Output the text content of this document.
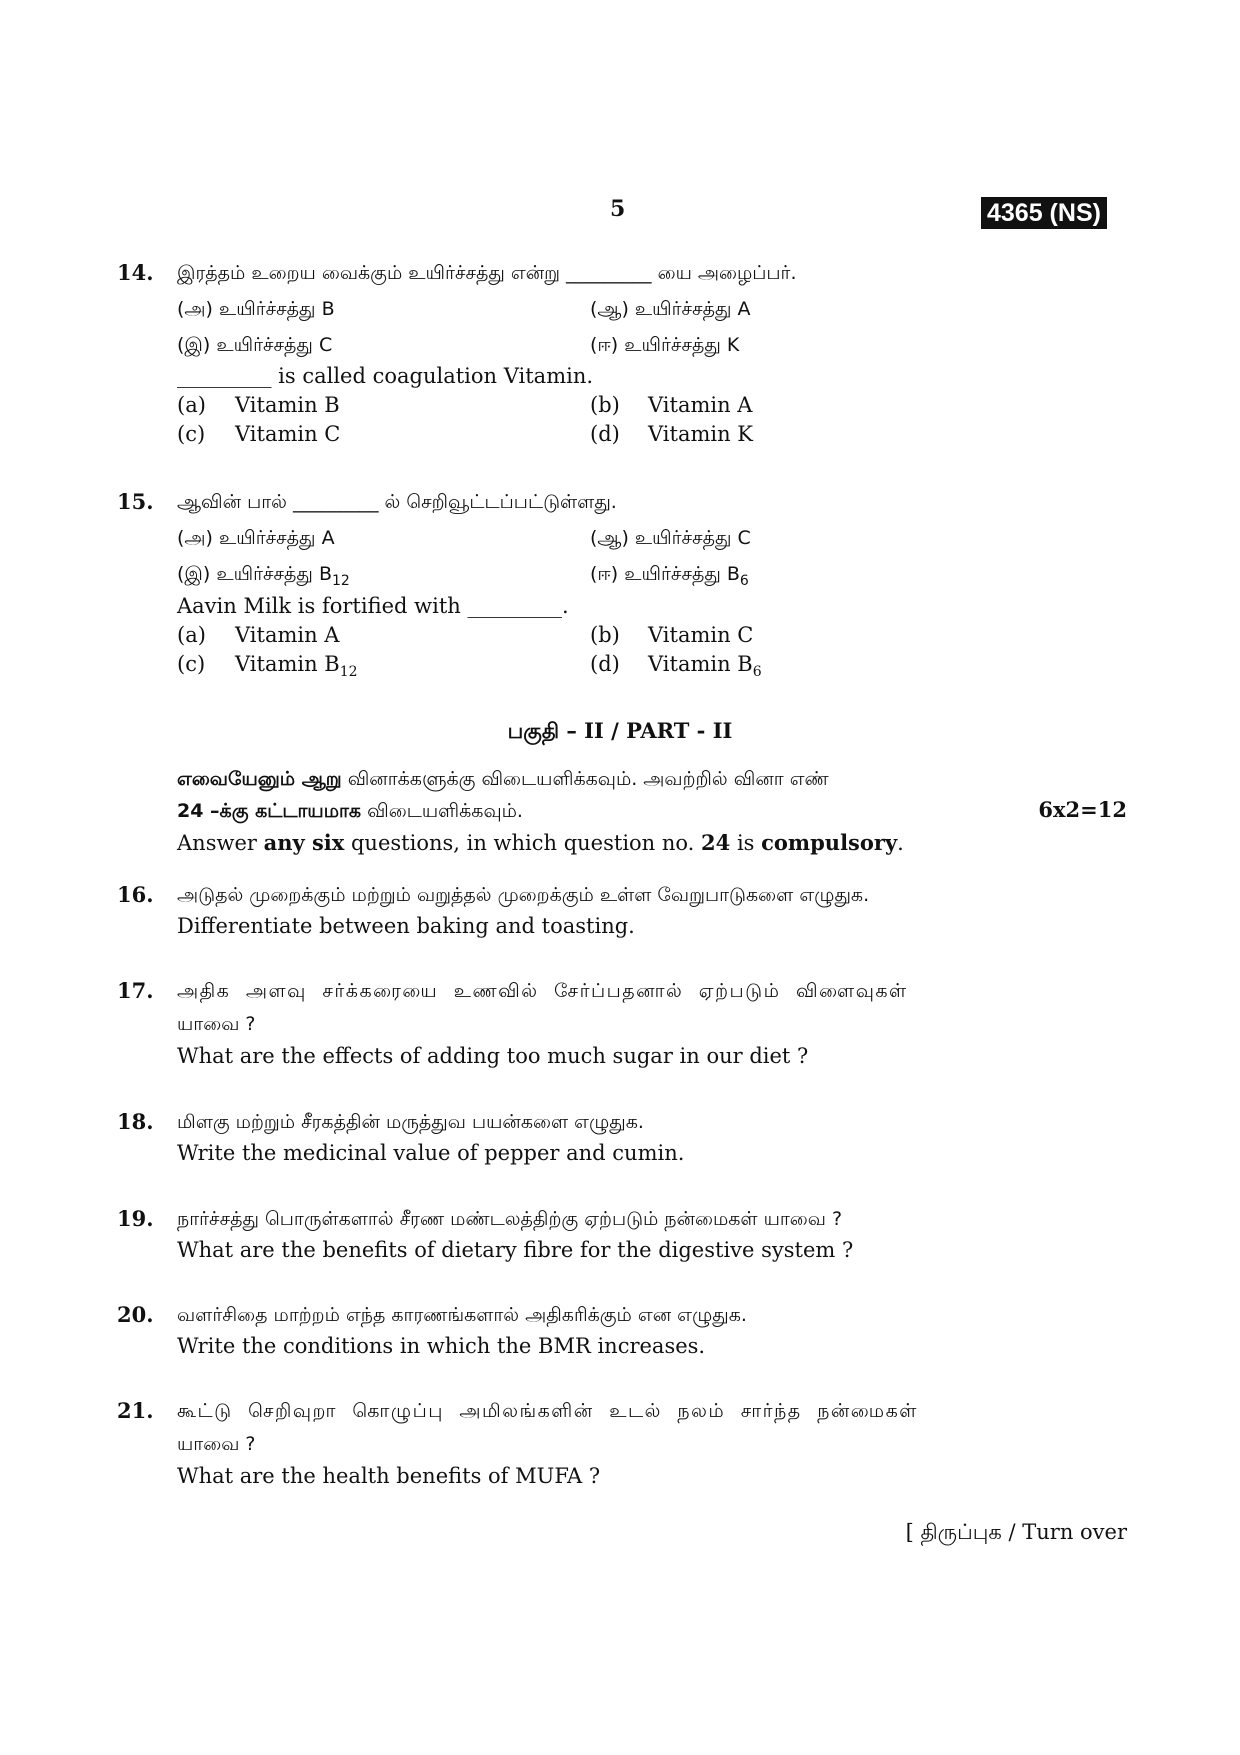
5	4365 (NS)
14. இரத்தம் உறைய வைக்கும் உயிர்ச்சத்து என்று _________ யை அழைப்பர்.
(அ) உயிர்ச்சத்து B	(ஆ) உயிர்ச்சத்து A
(இ) உயிர்ச்சத்து C	(ஈ) உயிர்ச்சத்து K
_________ is called coagulation Vitamin.
(a) Vitamin B	(b) Vitamin A
(c) Vitamin C	(d) Vitamin K
15. ஆவின் பால் _________ ல் செறிவூட்டப்பட்டுள்ளது.
(அ) உயிர்ச்சத்து A	(ஆ) உயிர்ச்சத்து C
(இ) உயிர்ச்சத்து $B_{12}$	(ஈ) உயிர்ச்சத்து $B_6$
Aavin Milk is fortified with _________.
(a) Vitamin A	(b) Vitamin C
(c) Vitamin $B_{12}$	(d) Vitamin $B_6$
பகுதி – II / PART - II
எவையேனும் ஆறு வினாக்களுக்கு விடையளிக்கவும். அவற்றில் வினா எண்
24 –க்கு கட்டாயமாக விடையளிக்கவும்.	6x2=12
Answer any six questions, in which question no. 24 is compulsory.
16. அடுதல் முறைக்கும் மற்றும் வறுத்தல் முறைக்கும் உள்ள வேறுபாடுகளை எழுதுக.
Differentiate between baking and toasting.
17. அதிக அளவு சர்க்கரையை உணவில் சேர்ப்பதனால் ஏற்படும் விளைவுகள்
யாவை ?
What are the effects of adding too much sugar in our diet ?
18. மிளகு மற்றும் சீரகத்தின் மருத்துவ பயன்களை எழுதுக.
Write the medicinal value of pepper and cumin.
19. நார்ச்சத்து பொருள்களால் சீரண மண்டலத்திற்கு ஏற்படும் நன்மைகள் யாவை ?
What are the benefits of dietary fibre for the digestive system ?
20. வளர்சிதை மாற்றம் எந்த காரணங்களால் அதிகரிக்கும் என எழுதுக.
Write the conditions in which the BMR increases.
21. கூட்டு செறிவுறா கொழுப்பு அமிலங்களின் உடல் நலம் சார்ந்த நன்மைகள்
யாவை ?
What are the health benefits of MUFA ?
[ திருப்புக / Turn over
